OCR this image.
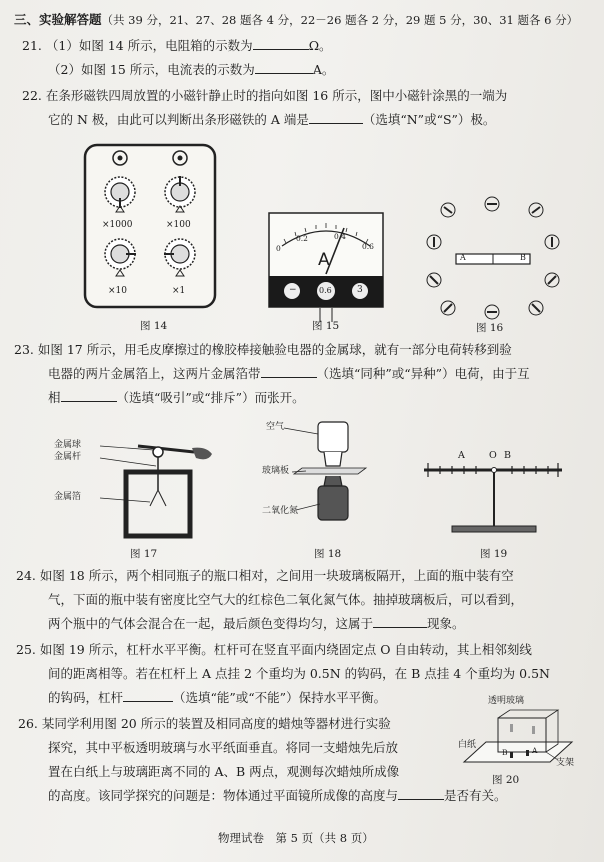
三、实验解答题（共 39 分，21、27、28 题各 4 分，22－26 题各 2 分，29 题 5 分，30、31 题各 6 分）
21. （1）如图 14 所示，电阻箱的示数为	Ω。
（2）如图 15 所示，电流表的示数为	A。
22. 在条形磁铁四周放置的小磁针静止时的指向如图 16 所示，图中小磁针涂黑的一端为
它的 N 极，由此可以判断出条形磁铁的 A 端是	（选填“N”或“S”）极。
×1000	×100
×10	×1
图 14
0
0.2	0.4
0.6
A
−	0.6	3
图 15
A	B
图 16
23. 如图 17 所示，用毛皮摩擦过的橡胶棒接触验电器的金属球，就有一部分电荷转移到验
电器的两片金属箔上，这两片金属箔带	（选填“同种”或“异种”）电荷，由于互
相	（选填“吸引”或“排斥”）而张开。
金属球
金属杆
金属箔
图 17
空气
玻璃板
二氧化氮
图 18
A	O B
图 19
24. 如图 18 所示，两个相同瓶子的瓶口相对，之间用一块玻璃板隔开，上面的瓶中装有空
气，下面的瓶中装有密度比空气大的红棕色二氧化氮气体。抽掉玻璃板后，可以看到，
两个瓶中的气体会混合在一起，最后颜色变得均匀，这属于	现象。
25. 如图 19 所示，杠杆水平平衡。杠杆可在竖直平面内绕固定点 O 自由转动，其上相邻刻线
间的距离相等。若在杠杆上 A 点挂 2 个重均为 0.5N 的钩码，在 B 点挂 4 个重均为 0.5N
的钩码，杠杆	（选填“能”或“不能”）保持水平平衡。
26. 某同学利用图 20 所示的装置及相同高度的蜡烛等器材进行实验
探究，其中平板透明玻璃与水平纸面垂直。将同一支蜡烛先后放
置在白纸上与玻璃距离不同的 A、B 两点，观测每次蜡烛所成像
的高度。该同学探究的问题是：物体通过平面镜所成像的高度与	是否有关。
白纸
支架
A
B
透明玻璃
图 20
物理试卷　第 5 页（共 8 页）
